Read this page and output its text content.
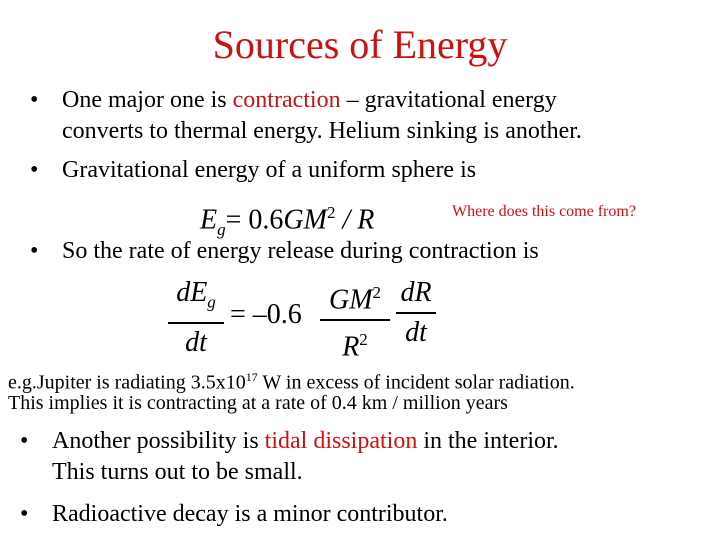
Sources of Energy
• One major one is contraction – gravitational energy
converts to thermal energy. Helium sinking is another.
• Gravitational energy of a uniform sphere is
$E_g= 0.6GM^2 / R$	Where does this come from?
• So the rate of energy release during contraction is
$dE_g$
dt
= –0.6 $GM^2$
$R^2$
dR
dt
e.g.Jupiter is radiating $3.5x10^{17}$ W in excess of incident solar radiation.
This implies it is contracting at a rate of 0.4 km / million years
• Another possibility is tidal dissipation in the interior.
This turns out to be small.
• Radioactive decay is a minor contributor.
